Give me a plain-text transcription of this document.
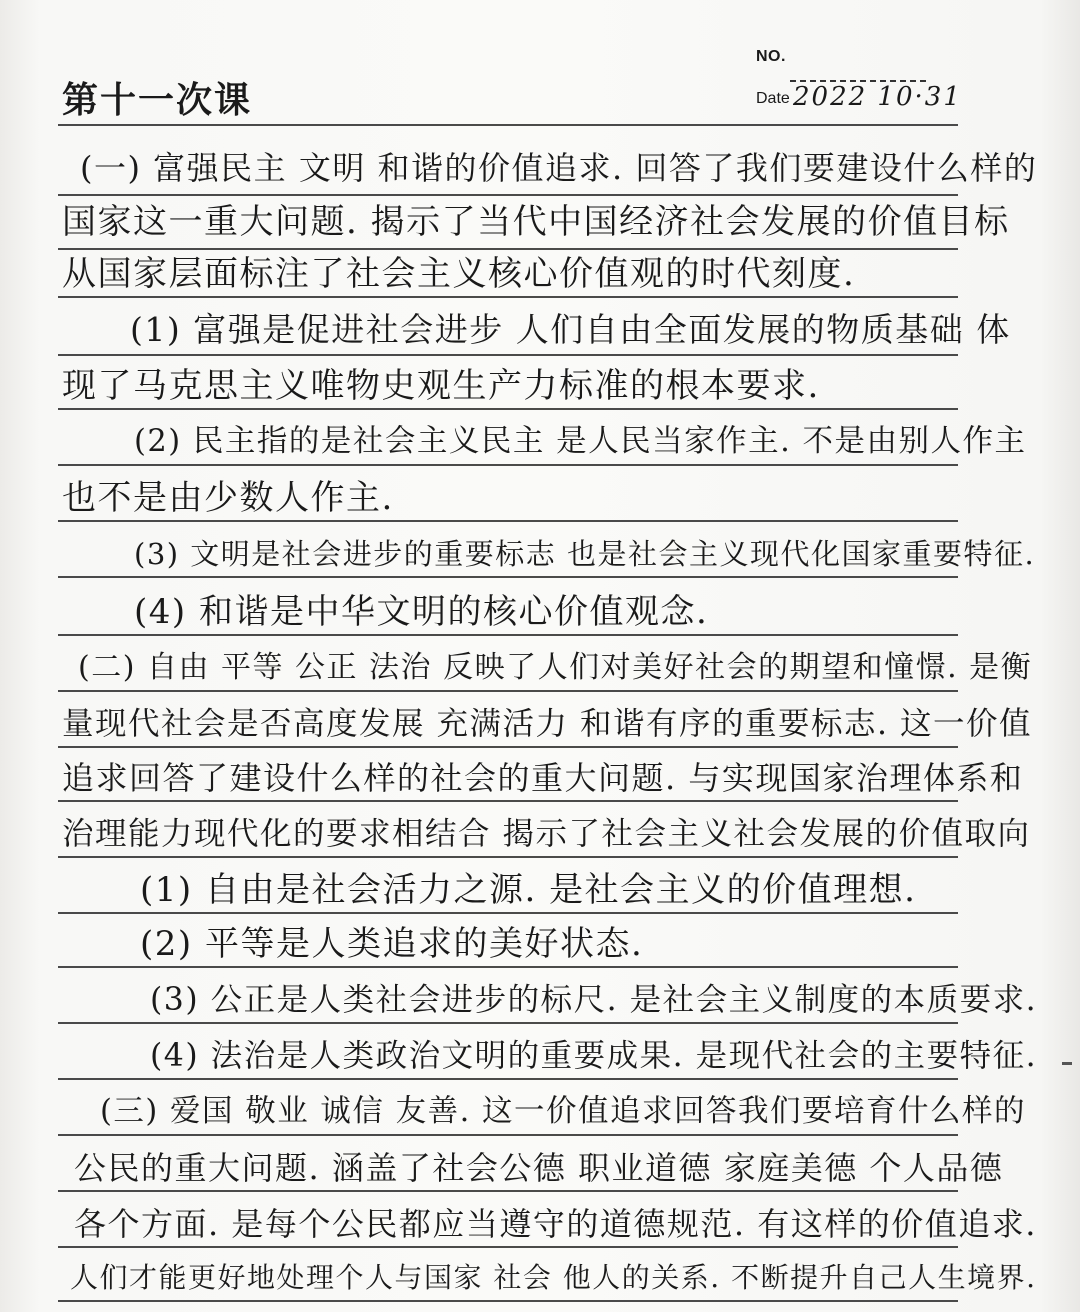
NO.
Date 2022 10·31
第十一次课
(一) 富强民主 文明 和谐的价值追求. 回答了我们要建设什么样的
国家这一重大问题. 揭示了当代中国经济社会发展的价值目标
从国家层面标注了社会主义核心价值观的时代刻度.
(1) 富强是促进社会进步 人们自由全面发展的物质基础 体
现了马克思主义唯物史观生产力标准的根本要求.
(2) 民主指的是社会主义民主 是人民当家作主. 不是由别人作主
也不是由少数人作主.
(3) 文明是社会进步的重要标志 也是社会主义现代化国家重要特征.
(4) 和谐是中华文明的核心价值观念.
(二) 自由 平等 公正 法治 反映了人们对美好社会的期望和憧憬. 是衡
量现代社会是否高度发展 充满活力 和谐有序的重要标志. 这一价值
追求回答了建设什么样的社会的重大问题. 与实现国家治理体系和
治理能力现代化的要求相结合 揭示了社会主义社会发展的价值取向
(1) 自由是社会活力之源. 是社会主义的价值理想.
(2) 平等是人类追求的美好状态.
(3) 公正是人类社会进步的标尺. 是社会主义制度的本质要求.
(4) 法治是人类政治文明的重要成果. 是现代社会的主要特征.
(三) 爱国 敬业 诚信 友善. 这一价值追求回答我们要培育什么样的
公民的重大问题. 涵盖了社会公德 职业道德 家庭美德 个人品德
各个方面. 是每个公民都应当遵守的道德规范. 有这样的价值追求.
人们才能更好地处理个人与国家 社会 他人的关系. 不断提升自己人生境界.
